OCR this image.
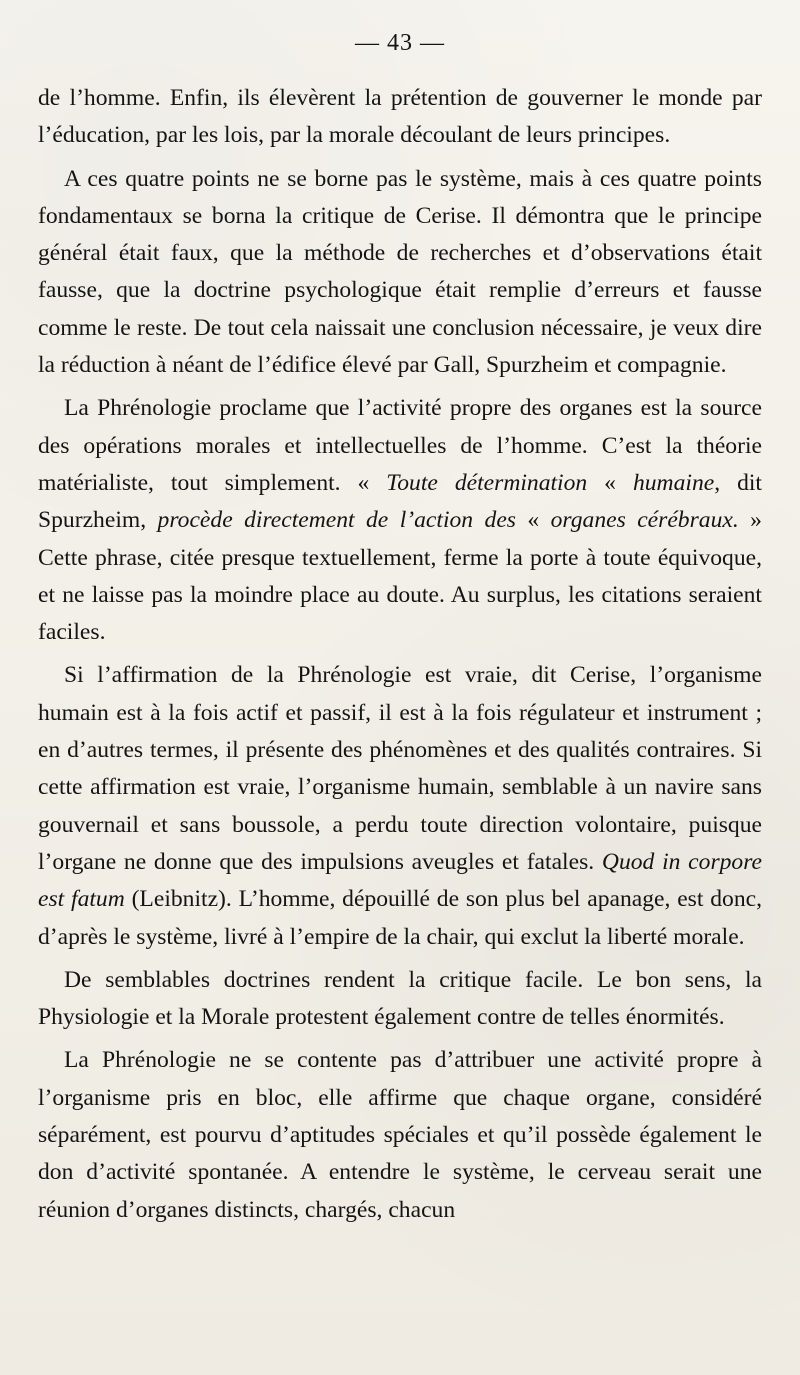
— 43 —

de l’homme. Enfin, ils élevèrent la prétention de gouverner le monde par l’éducation, par les lois, par la morale découlant de leurs principes.

A ces quatre points ne se borne pas le système, mais à ces quatre points fondamentaux se borna la critique de Cerise. Il démontra que le principe général était faux, que la méthode de recherches et d’observations était fausse, que la doctrine psychologique était remplie d’erreurs et fausse comme le reste. De tout cela naissait une conclusion nécessaire, je veux dire la réduction à néant de l’édifice élevé par Gall, Spurzheim et compagnie.

La Phrénologie proclame que l’activité propre des organes est la source des opérations morales et intellectuelles de l’homme. C’est la théorie matérialiste, tout simplement. « Toute détermination « humaine, dit Spurzheim, procède directement de l’action des « organes cérébraux. » Cette phrase, citée presque textuellement, ferme la porte à toute équivoque, et ne laisse pas la moindre place au doute. Au surplus, les citations seraient faciles.

Si l’affirmation de la Phrénologie est vraie, dit Cerise, l’organisme humain est à la fois actif et passif, il est à la fois régulateur et instrument ; en d’autres termes, il présente des phénomènes et des qualités contraires. Si cette affirmation est vraie, l’organisme humain, semblable à un navire sans gouvernail et sans boussole, a perdu toute direction volontaire, puisque l’organe ne donne que des impulsions aveugles et fatales. Quod in corpore est fatum (Leibnitz). L’homme, dépouillé de son plus bel apanage, est donc, d’après le système, livré à l’empire de la chair, qui exclut la liberté morale.

De semblables doctrines rendent la critique facile. Le bon sens, la Physiologie et la Morale protestent également contre de telles énormités.

La Phrénologie ne se contente pas d’attribuer une activité propre à l’organisme pris en bloc, elle affirme que chaque organe, considéré séparément, est pourvu d’aptitudes spéciales et qu’il possède également le don d’activité spontanée. A entendre le système, le cerveau serait une réunion d’organes distincts, chargés, chacun
